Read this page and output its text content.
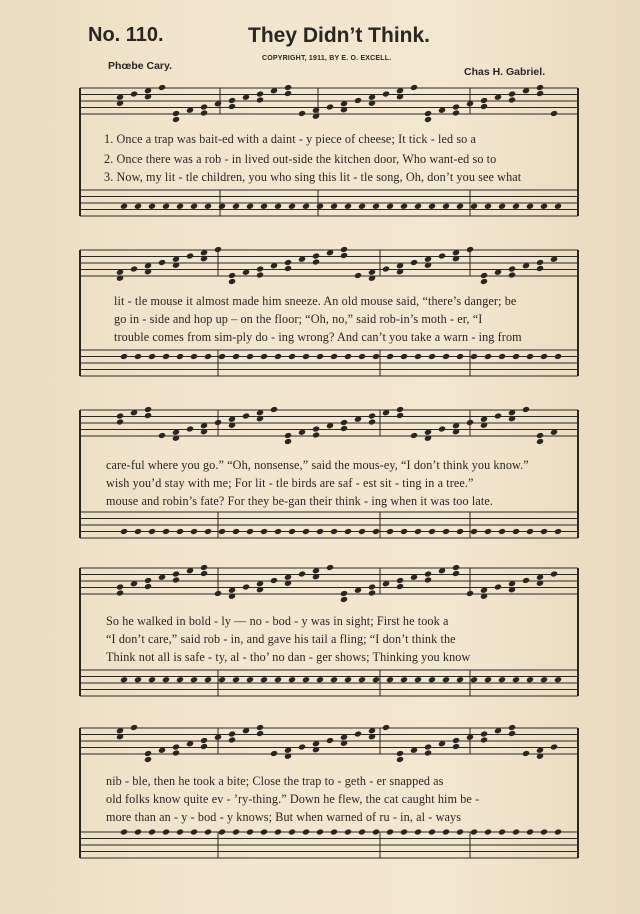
No. 110.	They Didn’t Think.
COPYRIGHT, 1911, BY E. O. EXCELL.
Phœbe Cary.	Chas H. Gabriel.
1. Once a trap was bait-ed with a daint - y piece of cheese; It tick - led so a
2. Once there was a rob - in lived out-side the kitchen door, Who want-ed so to
3. Now, my lit - tle children, you who sing this lit - tle song, Oh, don’t you see what
lit - tle mouse it almost made him sneeze. An old mouse said, “there’s danger; be
go in - side and hop up – on the floor; “Oh, no,” said rob-in’s moth - er, “I
trouble comes from sim-ply do - ing wrong? And can’t you take a warn - ing from
care-ful where you go.” “Oh, nonsense,” said the mous-ey, “I don’t think you know.”
wish you’d stay with me; For lit - tle birds are saf - est sit - ting in a tree.”
mouse and robin’s fate? For they be-gan their think - ing when it was too late.
So he walked in bold - ly — no - bod - y was in sight; First he took a
“I don’t care,” said rob - in, and gave his tail a fling; “I don’t think the
Think not all is safe - ty, al - tho’ no dan - ger shows; Thinking you know
nib - ble, then he took a bite; Close the trap to - geth - er snapped as
old folks know quite ev - ’ry-thing.” Down he flew, the cat caught him be -
more than an - y - bod - y knows; But when warned of ru - in, al - ways
